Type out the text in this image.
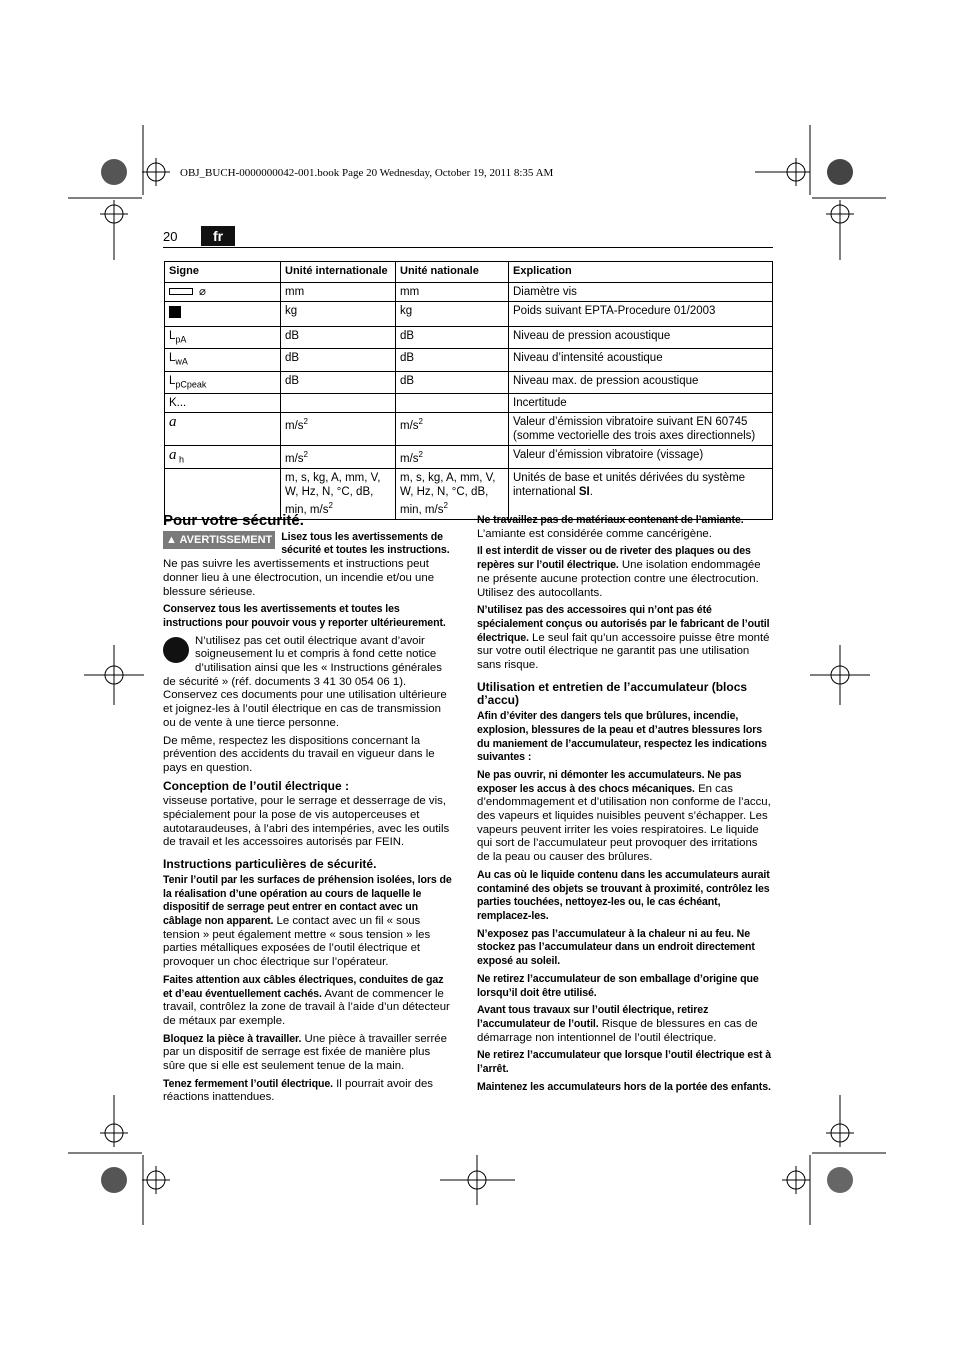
OBJ_BUCH-0000000042-001.book Page 20 Wednesday, October 19, 2011 8:35 AM
20	fr
Signe	Unité internationale	Unité nationale	Explication
⌀	mm	mm	Diamètre vis
	kg	kg	Poids suivant EPTA-Procedure 01/2003
$L_{pA}$	dB	dB	Niveau de pression acoustique
$L_{wA}$	dB	dB	Niveau d’intensité acoustique
$L_{pCpeak}$	dB	dB	Niveau max. de pression acoustique
K...			Incertitude
a	$m/s^2$	$m/s^2$	Valeur d’émission vibratoire suivant EN 60745 (somme vectorielle des trois axes directionnels)
a $_h$	$m/s^2$	$m/s^2$	Valeur d’émission vibratoire (vissage)
	m, s, kg, A, mm, V, W, Hz, N, °C, dB, min, $m/s^2$	m, s, kg, A, mm, V, W, Hz, N, °C, dB, min, $m/s^2$	Unités de base et unités dérivées du système international SI.
Pour votre sécurité.

▲ AVERTISSEMENT Lisez tous les avertissements de sécurité et toutes les instructions. Ne pas suivre les avertissements et instructions peut donner lieu à une électrocution, un incendie et/ou une blessure sérieuse.

Conservez tous les avertissements et toutes les instructions pour pouvoir vous y reporter ultérieurement.

N’utilisez pas cet outil électrique avant d’avoir soigneusement lu et compris à fond cette notice d’utilisation ainsi que les « Instructions générales de sécurité » (réf. documents 3 41 30 054 06 1). Conservez ces documents pour une utilisation ultérieure et joignez-les à l’outil électrique en cas de transmission ou de vente à une tierce personne.

De même, respectez les dispositions concernant la prévention des accidents du travail en vigueur dans le pays en question.

Conception de l’outil électrique :

visseuse portative, pour le serrage et desserrage de vis, spécialement pour la pose de vis autoperceuses et autotaraudeuses, à l’abri des intempéries, avec les outils de travail et les accessoires autorisés par FEIN.

Instructions particulières de sécurité.

Tenir l’outil par les surfaces de préhension isolées, lors de la réalisation d’une opération au cours de laquelle le dispositif de serrage peut entrer en contact avec un câblage non apparent. Le contact avec un fil « sous tension » peut également mettre « sous tension » les parties métalliques exposées de l’outil électrique et provoquer un choc électrique sur l’opérateur.

Faites attention aux câbles électriques, conduites de gaz et d’eau éventuellement cachés. Avant de commencer le travail, contrôlez la zone de travail à l’aide d’un détecteur de métaux par exemple.

Bloquez la pièce à travailler. Une pièce à travailler serrée par un dispositif de serrage est fixée de manière plus sûre que si elle est seulement tenue de la main.

Tenez fermement l’outil électrique. Il pourrait avoir des réactions inattendues.

Ne travaillez pas de matériaux contenant de l’amiante. L’amiante est considérée comme cancérigène.

Il est interdit de visser ou de riveter des plaques ou des repères sur l’outil électrique. Une isolation endommagée ne présente aucune protection contre une électrocution. Utilisez des autocollants.

N’utilisez pas des accessoires qui n’ont pas été spécialement conçus ou autorisés par le fabricant de l’outil électrique. Le seul fait qu’un accessoire puisse être monté sur votre outil électrique ne garantit pas une utilisation sans risque.

Utilisation et entretien de l’accumulateur (blocs d’accu)

Afin d’éviter des dangers tels que brûlures, incendie, explosion, blessures de la peau et d’autres blessures lors du maniement de l’accumulateur, respectez les indications suivantes :

Ne pas ouvrir, ni démonter les accumulateurs. Ne pas exposer les accus à des chocs mécaniques. En cas d’endommagement et d’utilisation non conforme de l’accu, des vapeurs et liquides nuisibles peuvent s’échapper. Les vapeurs peuvent irriter les voies respiratoires. Le liquide qui sort de l’accumulateur peut provoquer des irritations de la peau ou causer des brûlures.

Au cas où le liquide contenu dans les accumulateurs aurait contaminé des objets se trouvant à proximité, contrôlez les parties touchées, nettoyez-les ou, le cas échéant, remplacez-les.

N’exposez pas l’accumulateur à la chaleur ni au feu. Ne stockez pas l’accumulateur dans un endroit directement exposé au soleil.

Ne retirez l’accumulateur de son emballage d’origine que lorsqu’il doit être utilisé.

Avant tous travaux sur l’outil électrique, retirez l’accumulateur de l’outil. Risque de blessures en cas de démarrage non intentionnel de l’outil électrique.

Ne retirez l’accumulateur que lorsque l’outil électrique est à l’arrêt.

Maintenez les accumulateurs hors de la portée des enfants.
